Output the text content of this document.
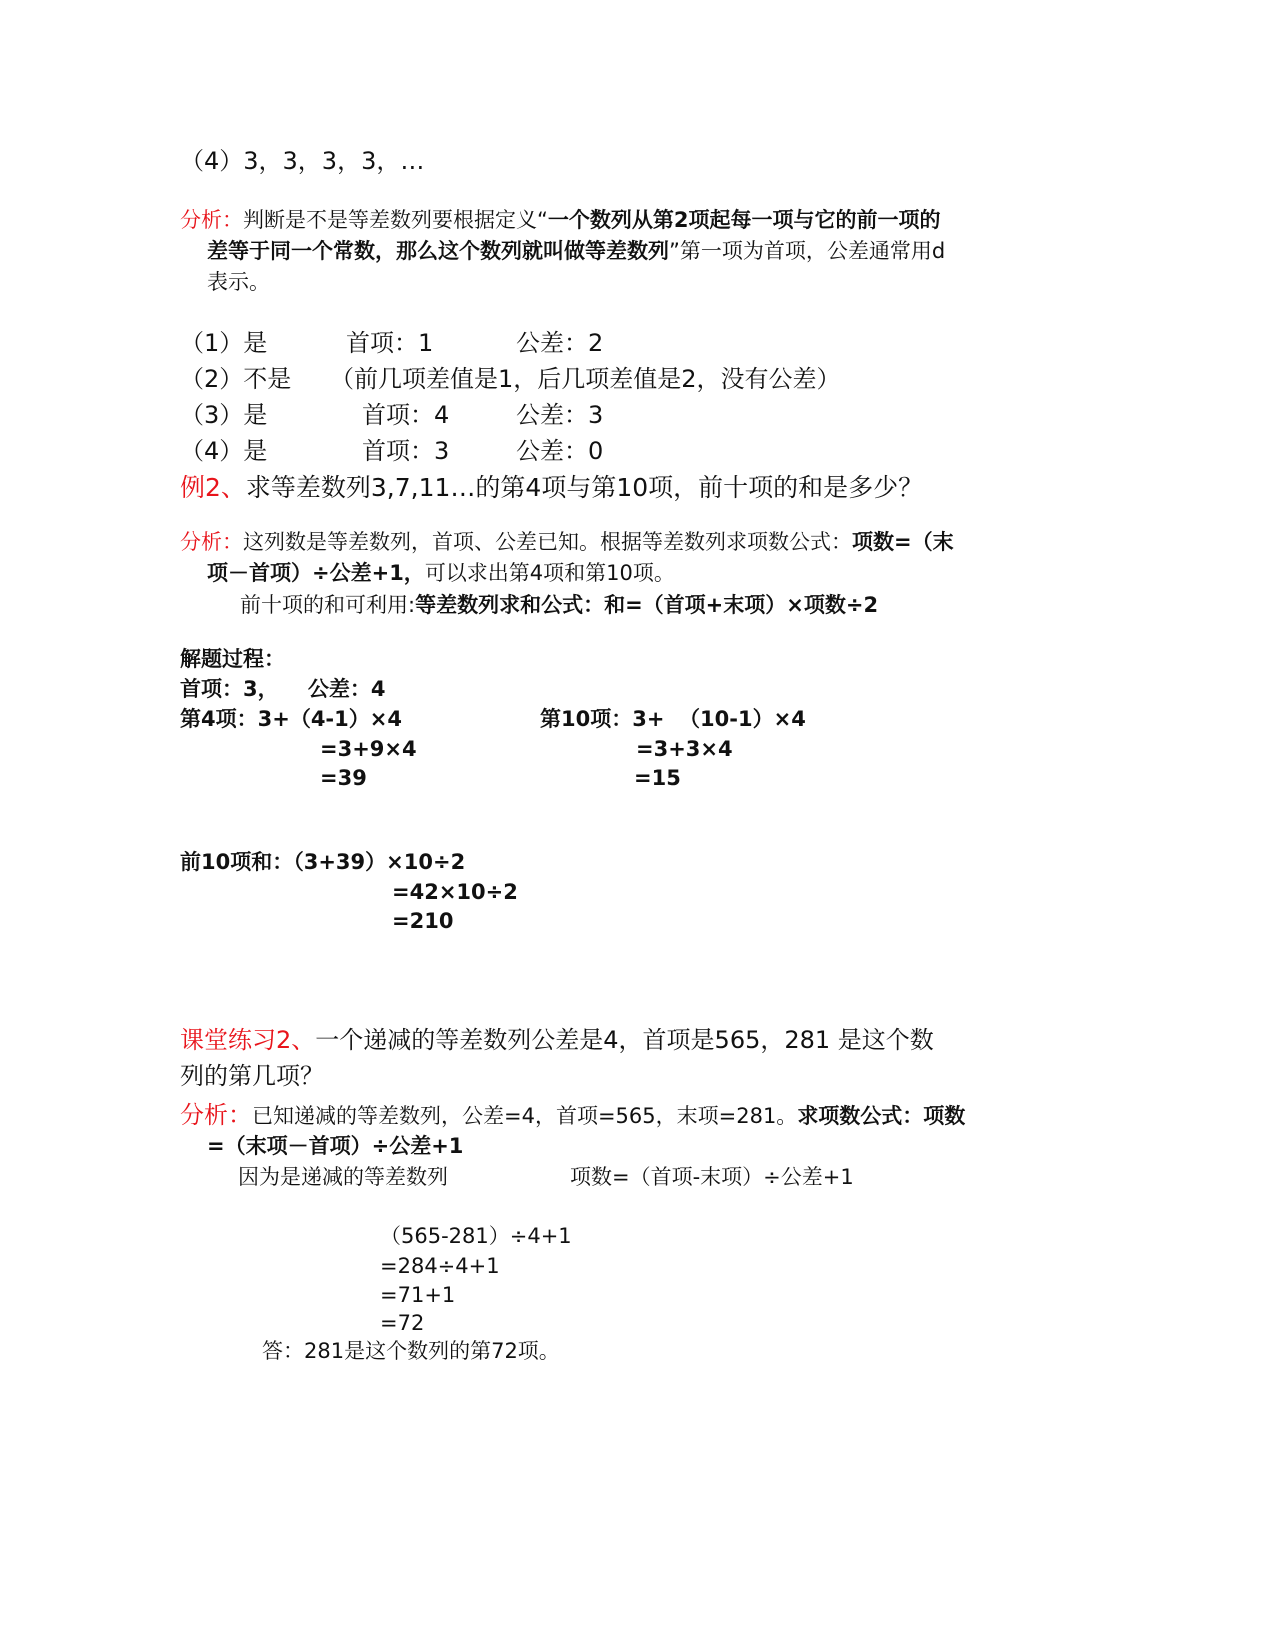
（4）3，3，3，3，…
分析：判断是不是等差数列要根据定义“一个数列从第2项起每一项与它的前一项的
差等于同一个常数，那么这个数列就叫做等差数列”第一项为首项，公差通常用d
表示。
（1）是	首项：1	公差：2
（2）不是 （前几项差值是1，后几项差值是2，没有公差）
（3）是	首项：4	公差：3
（4）是	首项：3	公差：0
例2、求等差数列3,7,11…的第4项与第10项，前十项的和是多少？
分析：这列数是等差数列，首项、公差已知。根据等差数列求项数公式：项数=（末
项－首项）÷公差+1，可以求出第4项和第10项。
前十项的和可利用:等差数列求和公式：和=（首项+末项）×项数÷2
解题过程：
首项：3，    公差：4
第4项：3+（4-1）×4
=3+9×4
=39
第10项：3+  （10-1）×4
=3+3×4
=15
前10项和：（3+39）×10÷2
=42×10÷2
=210
课堂练习2、一个递减的等差数列公差是4，首项是565，281 是这个数
列的第几项？
分析：已知递减的等差数列，公差=4，首项=565，末项=281。求项数公式：项数
=（末项－首项）÷公差+1
因为是递减的等差数列	项数=（首项-末项）÷公差+1
（565-281）÷4+1
=284÷4+1
=71+1
=72
答：281是这个数列的第72项。
